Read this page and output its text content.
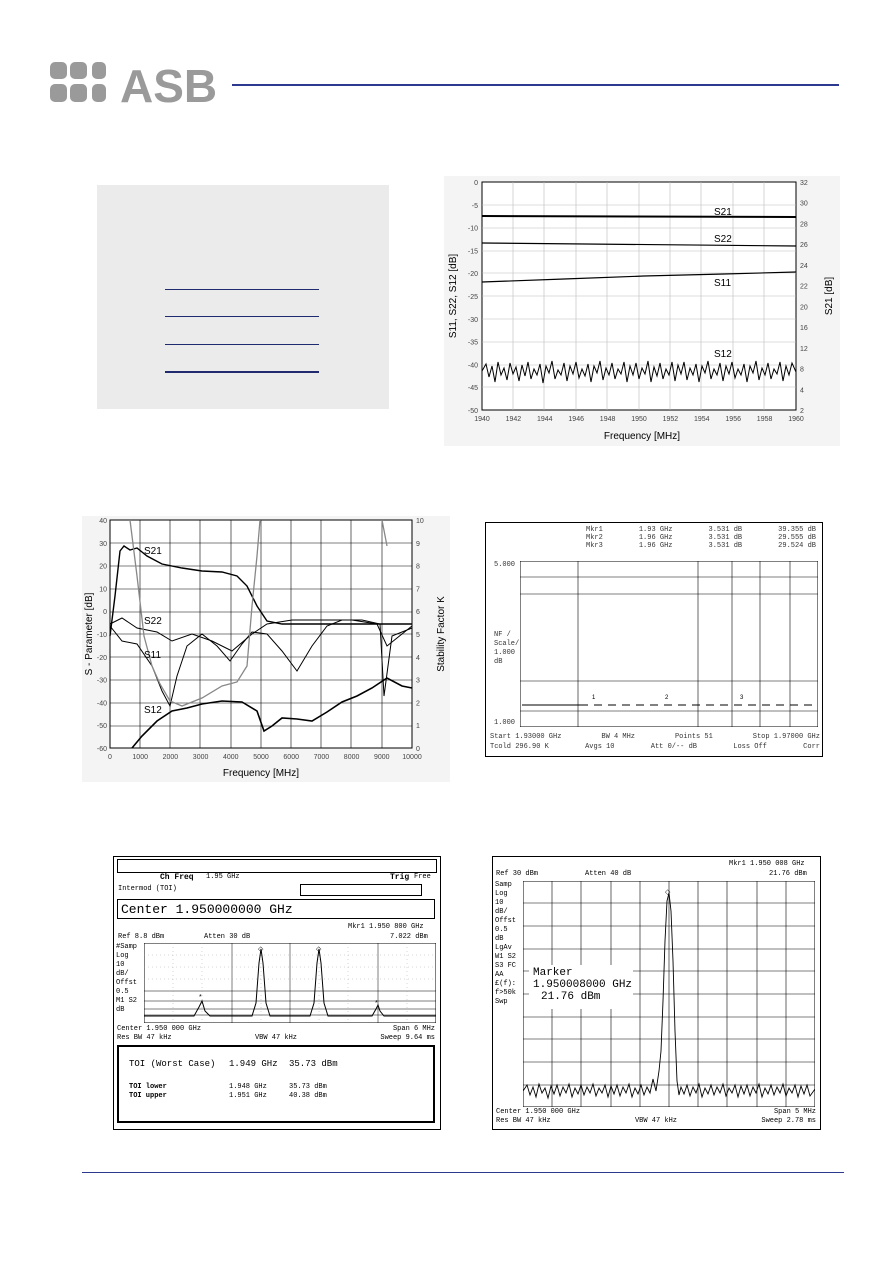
ASB
S21
S22
S11
S12
0
-5
-10
-15
-20
-25
-30
-35
-40
-45
-50
32
30
28
26
24
22
20
16
12
8
4
2
1940 1942 1944 1946 1948 1950 1952 1954 1956 1958 1960
Frequency [MHz]
S11, S22, S12 [dB]	S21 [dB]
S21
S22
S11
S12
40
30
20
10
0
-10
-20
-30
-40
-50
-60
10
9
8
7
6
5
4
3
2
1
0
0	1000 2000 3000 4000 5000 6000 7000 8000 9000 10000
Frequency [MHz]
S - Parameter [dB]	Stability Factor K
Mkr1	1.93 GHz	3.531 dB	39.355 dB
Mkr2	1.96 GHz	3.531 dB	29.555 dB
Mkr3	1.96 GHz	3.531 dB	29.524 dB
5.000
NF / Scale/ 1.000 dB
1.000
1	2	3
Start 1.93000 GHz	BW 4 MHz	Points 51	Stop 1.97000 GHz
Tcold 296.90 K	Avgs 10	Att 0/-- dB	Loss Off	Corr
Ch Freq 1.95 GHz	Trig Free
Intermod (TOI)
Center 1.950000000 GHz
Mkr1 1.950 800 GHz
Ref 8.8 dBm	Atten 30 dB	7.022 dBm
#Samp
Log
10
dB/
Offst
0.5
M1 S2
dB
*
◇	◇
*
Center 1.950 000 GHz	Span 6 MHz
Res BW 47 kHz	VBW 47 kHz	Sweep 9.64 ms
TOI (Worst Case) 1.949 GHz 35.73 dBm
TOI lower	1.948 GHz	35.73 dBm
TOI upper	1.951 GHz	40.38 dBm
Mkr1 1.950 008 GHz
Ref 30 dBm	Atten 40 dB	21.76 dBm
Samp
Log
10
dB/
Offst
0.5
dB
LgAv
W1 S2
S3 FC
AA
£(f):
f>50k
Swp
◇
Marker
1.950008000 GHz
21.76 dBm
Center 1.950 000 GHz	Span 5 MHz
Res BW 47 kHz	VBW 47 kHz	Sweep 2.78 ms
